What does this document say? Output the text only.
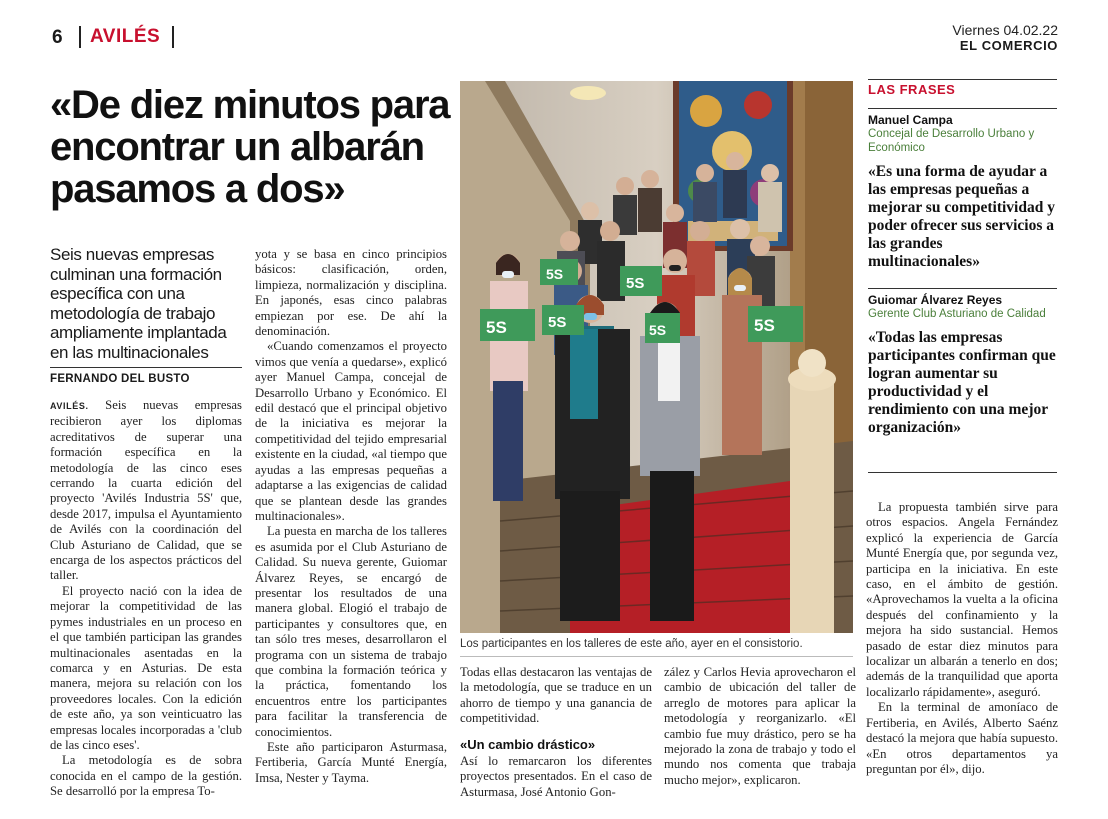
6 AVILÉS	Viernes 04.02.22
EL COMERCIO
«De diez minutos para encontrar un albarán pasamos a dos»
Seis nuevas empresas culminan una formación específica con una metodología de trabajo ampliamente implantada en las multinacionales
FERNANDO DEL BUSTO

AVILÉS. Seis nuevas empresas recibieron ayer los diplomas acreditativos de superar una formación específica en la metodología de las cinco eses cerrando la cuarta edición del proyecto 'Avilés Industria 5S' que, desde 2017, impulsa el Ayuntamiento de Avilés con la coordinación del Club Asturiano de Calidad, que se encarga de los aspectos prácticos del taller.

El proyecto nació con la idea de mejorar la competitividad de las pymes industriales en un proceso en el que también participan las grandes multinacionales asentadas en la comarca y en Asturias. De esta manera, mejora su relación con los proveedores locales. Con la edición de este año, ya son veinticuatro las empresas locales incorporadas a 'club de las cinco eses'.

La metodología es de sobra conocida en el campo de la gestión. Se desarrolló por la empresa To-

yota y se basa en cinco principios básicos: clasificación, orden, limpieza, normalización y disciplina. En japonés, esas cinco palabras empiezan por ese. De ahí la denominación.

«Cuando comenzamos el proyecto vimos que venía a quedarse», explicó ayer Manuel Campa, concejal de Desarrollo Urbano y Económico. El edil destacó que el principal objetivo de la iniciativa es mejorar la competitividad del tejido empresarial existente en la ciudad, «al tiempo que ayudas a las empresas pequeñas a adaptarse a las exigencias de calidad que se plantean desde las grandes multinacionales».

La puesta en marcha de los talleres es asumida por el Club Asturiano de Calidad. Su nueva gerente, Guiomar Álvarez Reyes, se encargó de presentar los resultados de una manera global. Elogió el trabajo de participantes y consultores que, en tan sólo tres meses, desarrollaron el programa con un sistema de trabajo que combina la formación teórica y la práctica, fomentando los encuentros entre los participantes para facilitar la transferencia de conocimientos.

Este año participaron Asturmasa, Fertiberia, García Munté Energía, Imsa, Nester y Tayma.

5S
5S	5S
5S
5S	5S
Los participantes en los talleres de este año, ayer en el consistorio.

Todas ellas destacaron las ventajas de la metodología, que se traduce en un ahorro de tiempo y una ganancia de competitividad.

«Un cambio drástico»

Así lo remarcaron los diferentes proyectos presentados. En el caso de Asturmasa, José Antonio Gon-

zález y Carlos Hevia aprovecharon el cambio de ubicación del taller de arreglo de motores para aplicar la metodología y reorganizarlo. «El cambio fue muy drástico, pero se ha mejorado la zona de trabajo y todo el mundo nos comenta que trabaja mucho mejor», explicaron.

LAS FRASES
Manuel Campa
Concejal de Desarrollo Urbano y Económico
«Es una forma de ayudar a las empresas pequeñas a mejorar su competitividad y poder ofrecer sus servicios a las grandes multinacionales»
Guiomar Álvarez Reyes
Gerente Club Asturiano de Calidad
«Todas las empresas participantes confirman que logran aumentar su productividad y el rendimiento con una mejor organización»

La propuesta también sirve para otros espacios. Angela Fernández explicó la experiencia de García Munté Energía que, por segunda vez, participa en la iniciativa. En este caso, en el ámbito de gestión. «Aprovechamos la vuelta a la oficina después del confinamiento y la mejora ha sido sustancial. Hemos pasado de estar diez minutos para localizar un albarán a tenerlo en dos; además de la tranquilidad que aporta localizarlo rápidamente», aseguró.

En la terminal de amoníaco de Fertiberia, en Avilés, Alberto Saénz destacó la mejora que había supuesto. «En otros departamentos ya preguntan por él», dijo.
